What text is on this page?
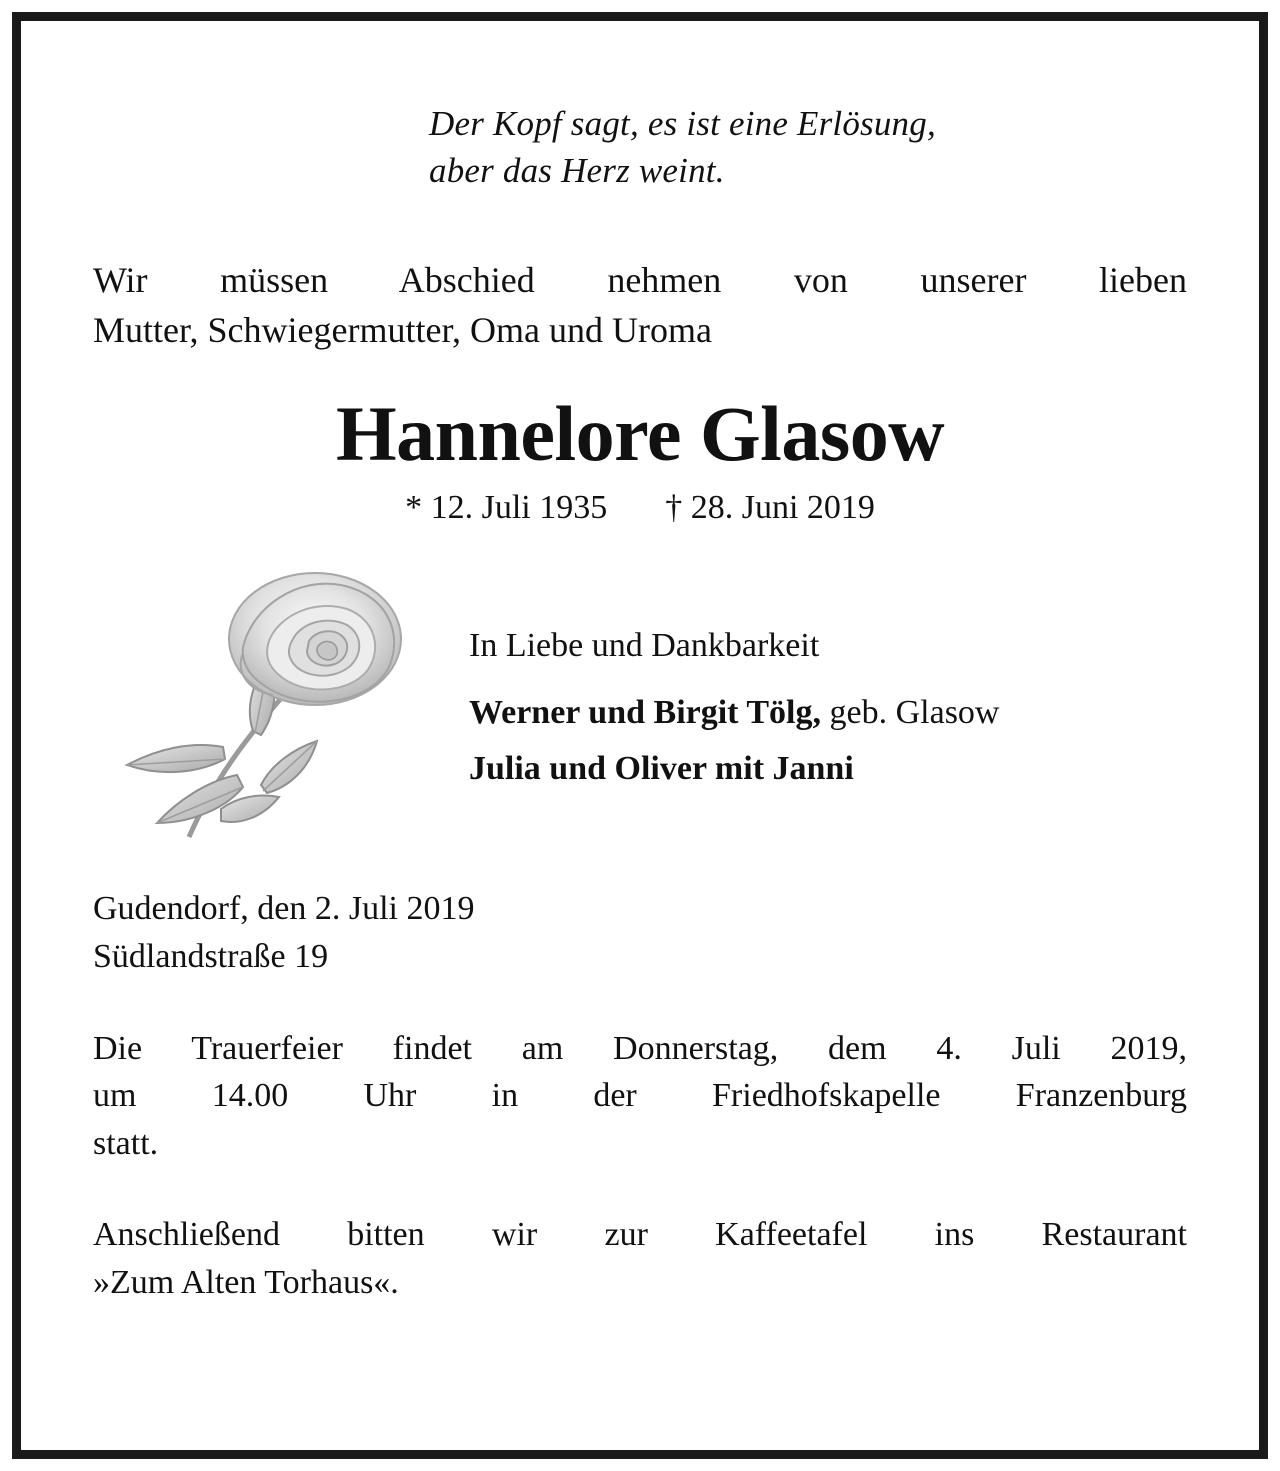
Der Kopf sagt, es ist eine Erlösung,
aber das Herz weint.
Wir müssen Abschied nehmen von unserer lieben
Mutter, Schwiegermutter, Oma und Uroma
Hannelore Glasow
* 12. Juli 1935 † 28. Juni 2019
In Liebe und Dankbarkeit
Werner und Birgit Tölg, geb. Glasow
Julia und Oliver mit Janni
Gudendorf, den 2. Juli 2019
Südlandstraße 19
Die Trauerfeier findet am Donnerstag, dem 4. Juli 2019,
um 14.00 Uhr in der Friedhofskapelle Franzenburg
statt.
Anschließend bitten wir zur Kaffeetafel ins Restaurant
»Zum Alten Torhaus«.
